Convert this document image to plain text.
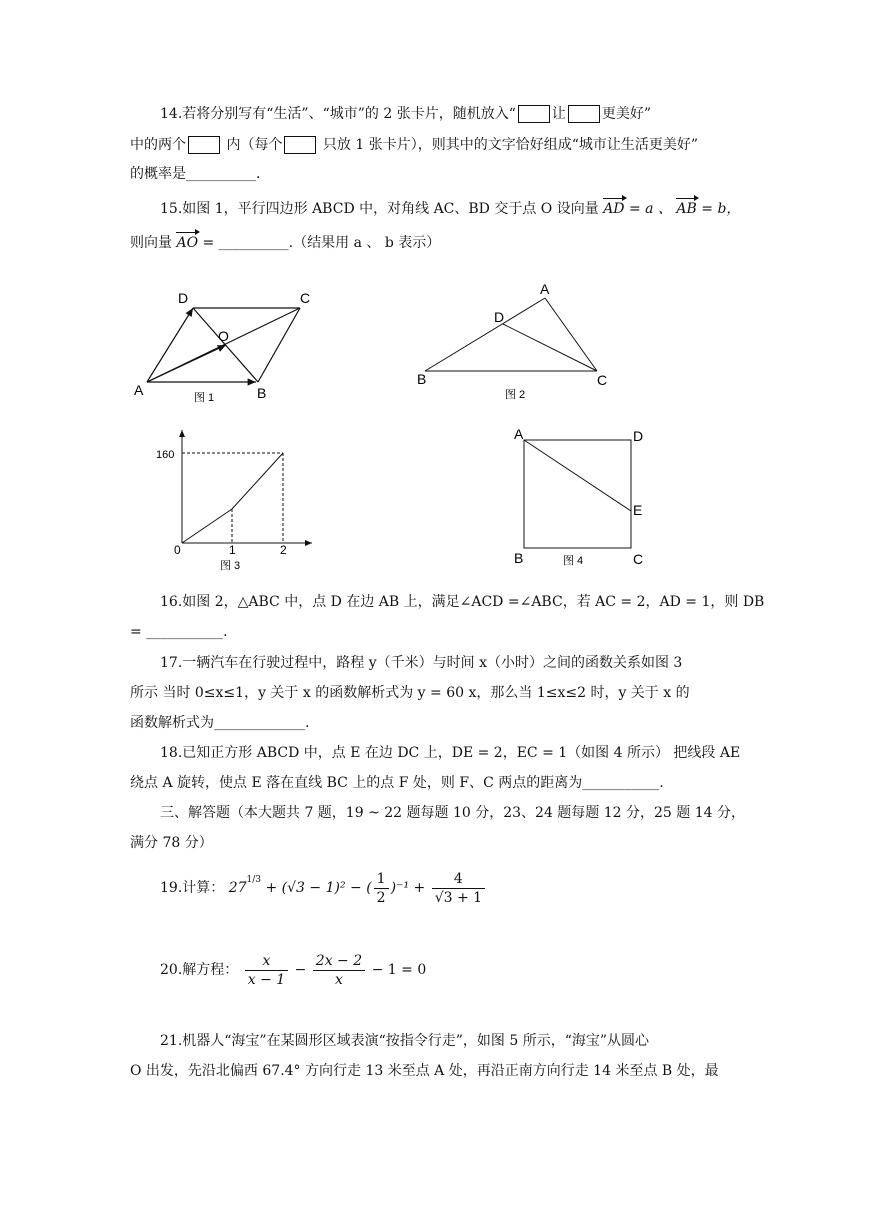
14.若将分别写有“生活”、“城市”的 2 张卡片，随机放入“	让	更美好”
中的两个	内（每个	只放 1 张卡片），则其中的文字恰好组成“城市让生活更美好”
的概率是__________.
15.如图 1，平行四边形 ABCD 中，对角线 AC、BD 交于点 O 设向量 AD = a 、 AB = b，
则向量 AO = __________.（结果用 a 、 b 表示）
D	C
O
A	B
图 1
A
D
B	C
图 2
160
0	1	2
图 3
A	D
E
B	C
图 4
16.如图 2，△ABC 中，点 D 在边 AB 上，满足∠ACD =∠ABC，若 AC = 2，AD = 1，则 DB
= ___________.
17.一辆汽车在行驶过程中，路程 y（千米）与时间 x（小时）之间的函数关系如图 3
所示 当时 0≤x≤1，y 关于 x 的函数解析式为 y = 60 x，那么当 1≤x≤2 时，y 关于 x 的
函数解析式为_____________.
18.已知正方形 ABCD 中，点 E 在边 DC 上，DE = 2，EC = 1（如图 4 所示） 把线段 AE
绕点 A 旋转，使点 E 落在直线 BC 上的点 F 处，则 F、C 两点的距离为___________.
三、解答题（本大题共 7 题，19 ~ 22 题每题 10 分，23、24 题每题 12 分，25 题 14 分，
满分 78 分）
19.计算： $27^{1/3} + (√3 - 1)^2$ − ( $\frac{1}{2} )^{-1} + \frac{4}{√3 + 1}$
20.解方程： $\frac{x}{x - 1} - \frac{2x - 2}{x} - 1 = 0$
21.机器人“海宝”在某圆形区域表演“按指令行走”，如图 5 所示，“海宝”从圆心
O 出发，先沿北偏西 67.4° 方向行走 13 米至点 A 处，再沿正南方向行走 14 米至点 B 处，最
